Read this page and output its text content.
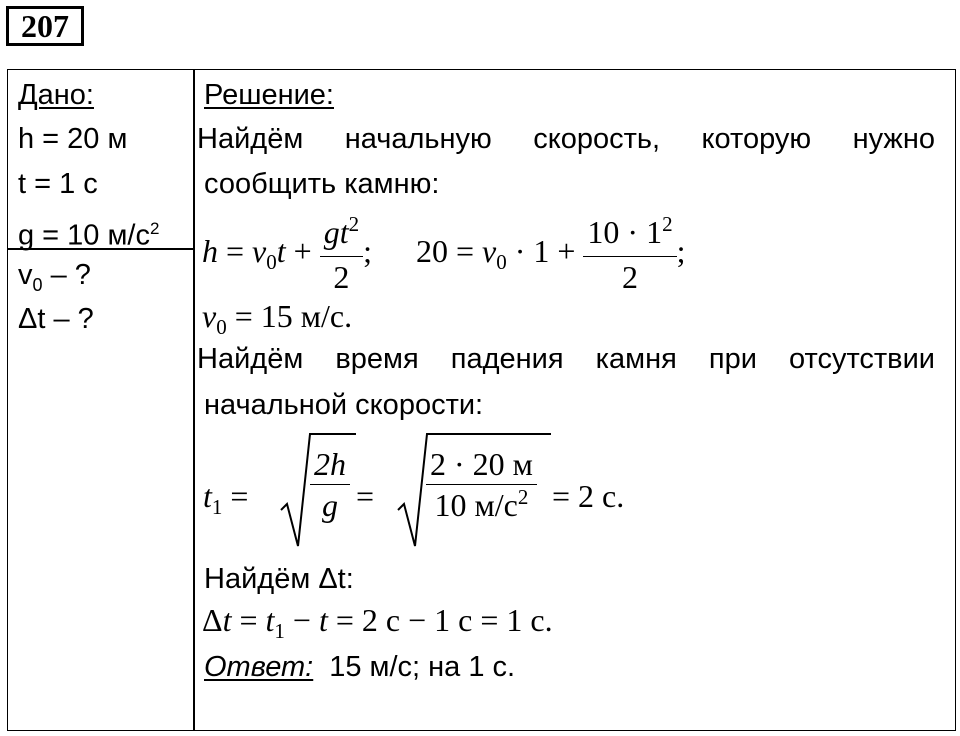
207
Дано:
h = 20 м
t = 1 с
g = 10 $м/с^2$
$v_0$ – ?
Δt – ?
Решение:
Найдём начальную скорость, которую нужно
сообщить камню:
$h = v_0t + \frac{gt^2}{2}$ ; $20 = v_0 \cdot 1 + \frac{10 \cdot 1^2}{2}$ ;
$v_0 = 15$ м/с.
Найдём время падения камня при отсутствии
начальной скорости:
$t_1 = \frac{2h}{g}$ =
2 · 20 м
10 $м/с^2 = 2$ с.
Найдём Δt:
$\Delta t = t_1 - t = 2$ с − 1 с = 1 с.
Ответ: 15 м/с; на 1 с.
